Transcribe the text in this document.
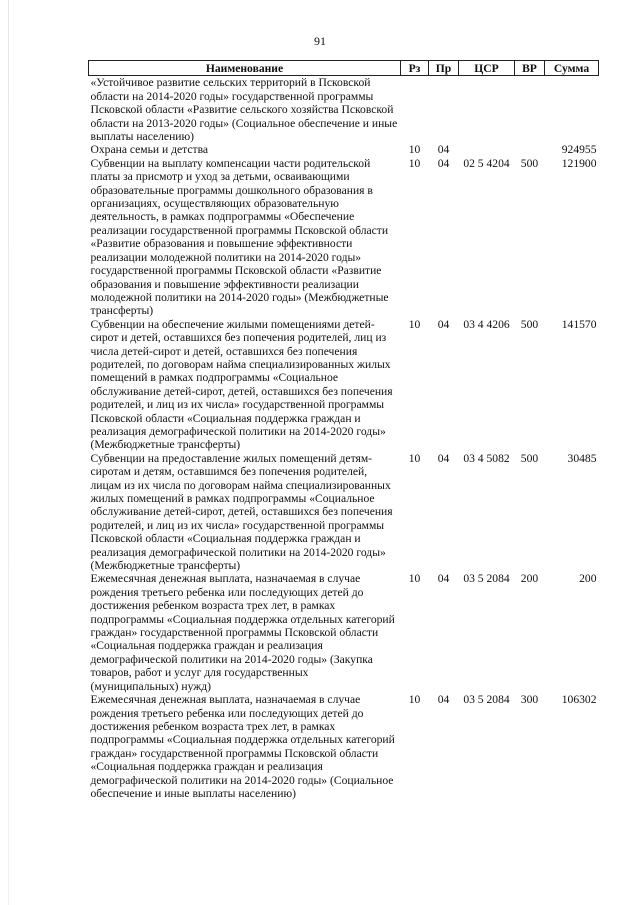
91
Наименование	Рз	Пр	ЦСР	ВР	Сумма
«Устойчивое развитие сельских территорий в Псковской области на 2014-2020 годы» государственной программы Псковской области «Развитие сельского хозяйства Псковской области на 2013-2020 годы» (Социальное обеспечение и иные выплаты населению)					
Охрана семьи и детства	10	04			924955
Субвенции на выплату компенсации части родительской платы за присмотр и уход за детьми, осваивающими образовательные программы дошкольного образования в организациях, осуществляющих образовательную деятельность, в рамках подпрограммы «Обеспечение реализации государственной программы Псковской области «Развитие образования и повышение эффективности реализации молодежной политики на 2014-2020 годы» государственной программы Псковской области «Развитие образования и повышение эффективности реализации молодежной политики на 2014-2020 годы» (Межбюджетные трансферты)	10	04	02 5 4204	500	121900
Субвенции на обеспечение жилыми помещениями детей-сирот и детей, оставшихся без попечения родителей, лиц из числа детей-сирот и детей, оставшихся без попечения родителей, по договорам найма специализированных жилых помещений в рамках подпрограммы «Социальное обслуживание детей-сирот, детей, оставшихся без попечения родителей, и лиц из их числа» государственной программы Псковской области «Социальная поддержка граждан и реализация демографической политики на 2014-2020 годы» (Межбюджетные трансферты)	10	04	03 4 4206	500	141570
Субвенции на предоставление жилых помещений детям-сиротам и детям, оставшимся без попечения родителей, лицам из их числа по договорам найма специализированных жилых помещений в рамках подпрограммы «Социальное обслуживание детей-сирот, детей, оставшихся без попечения родителей, и лиц из их числа» государственной программы Псковской области «Социальная поддержка граждан и реализация демографической политики на 2014-2020 годы» (Межбюджетные трансферты)	10	04	03 4 5082	500	30485
Ежемесячная денежная выплата, назначаемая в случае рождения третьего ребенка или последующих детей до достижения ребенком возраста трех лет, в рамках подпрограммы «Социальная поддержка отдельных категорий граждан» государственной программы Псковской области «Социальная поддержка граждан и реализация демографической политики на 2014-2020 годы» (Закупка товаров, работ и услуг для государственных (муниципальных) нужд)	10	04	03 5 2084	200	200
Ежемесячная денежная выплата, назначаемая в случае рождения третьего ребенка или последующих детей до достижения ребенком возраста трех лет, в рамках подпрограммы «Социальная поддержка отдельных категорий граждан» государственной программы Псковской области «Социальная поддержка граждан и реализация демографической политики на 2014-2020 годы» (Социальное обеспечение и иные выплаты населению)	10	04	03 5 2084	300	106302
